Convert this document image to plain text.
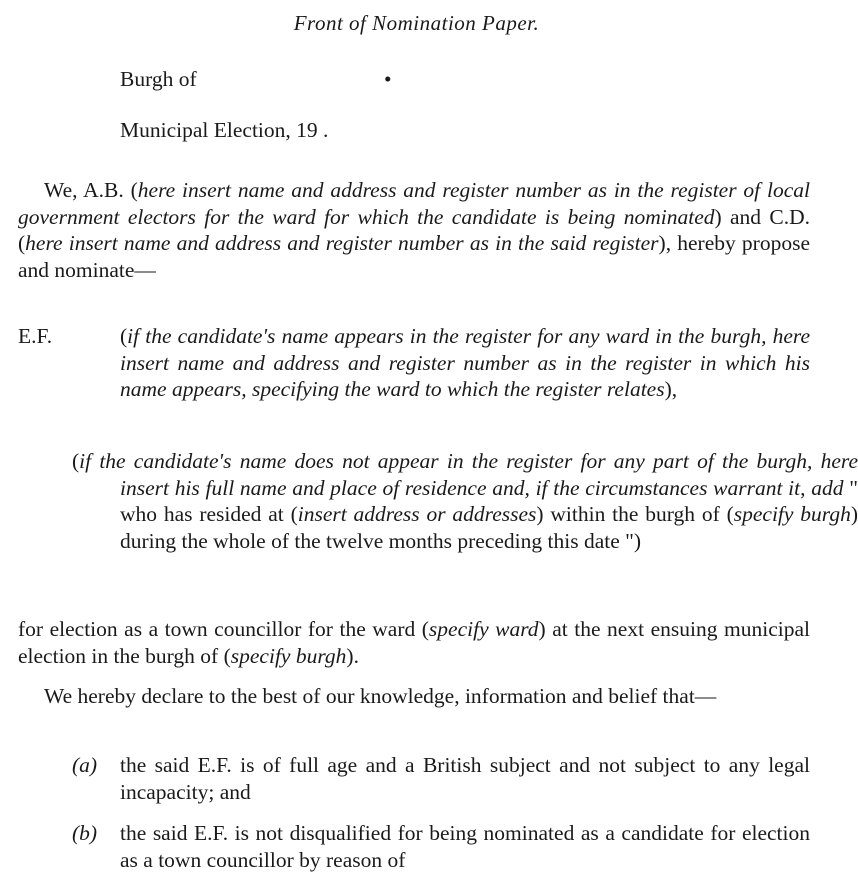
Front of Nomination Paper.
Burgh of	•
Municipal Election, 19 .
We, A.B. (here insert name and address and register number as in the register of local government electors for the ward for which the candidate is being nominated) and C.D. (here insert name and address and register number as in the said register), hereby propose and nominate—
E.F.	(if the candidate's name appears in the register for any ward in the burgh, here insert name and address and register number as in the register in which his name appears, specifying the ward to which the register relates),
(if the candidate's name does not appear in the register for any part of the burgh, here insert his full name and place of residence and, if the circumstances warrant it, add " who has resided at (insert address or addresses) within the burgh of (specify burgh) during the whole of the twelve months preceding this date ")
for election as a town councillor for the ward (specify ward) at the next ensuing municipal election in the burgh of (specify burgh).
We hereby declare to the best of our knowledge, information and belief that—
(a) the said E.F. is of full age and a British subject and not subject to any legal incapacity; and
(b) the said E.F. is not disqualified for being nominated as a candidate for election as a town councillor by reason of
